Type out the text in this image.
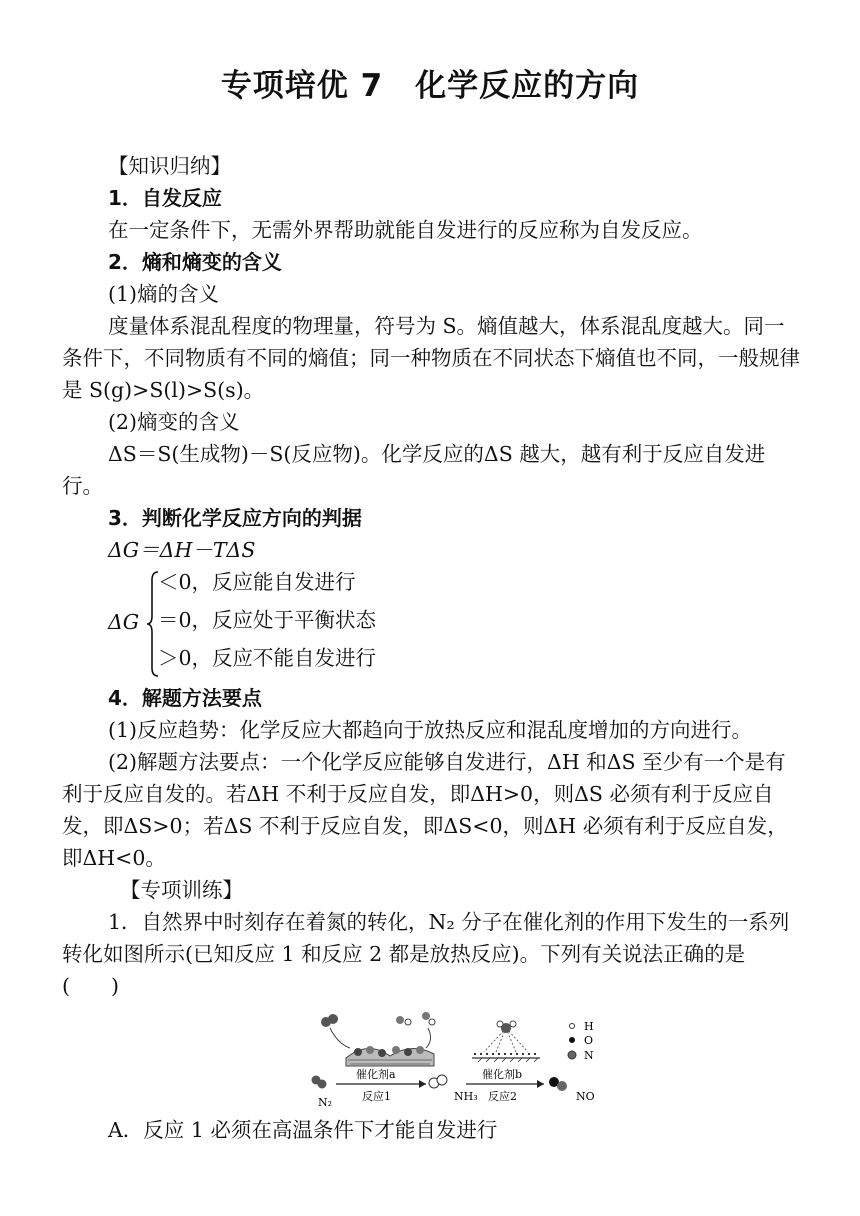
专项培优 7　化学反应的方向

【知识归纳】

1．自发反应

在一定条件下，无需外界帮助就能自发进行的反应称为自发反应。

2．熵和熵变的含义

(1)熵的含义

度量体系混乱程度的物理量，符号为 S。熵值越大，体系混乱度越大。同一条件下，不同物质有不同的熵值；同一种物质在不同状态下熵值也不同，一般规律是 S(g)>S(l)>S(s)。

(2)熵变的含义

ΔS＝S(生成物)－S(反应物)。化学反应的ΔS 越大，越有利于反应自发进行。

3．判断化学反应方向的判据

ΔG＝ΔH－TΔS

ΔG
＜0，反应能自发进行
＝0，反应处于平衡状态
＞0，反应不能自发进行

4．解题方法要点

(1)反应趋势：化学反应大都趋向于放热反应和混乱度增加的方向进行。

(2)解题方法要点：一个化学反应能够自发进行，ΔH 和ΔS 至少有一个是有利于反应自发的。若ΔH 不利于反应自发，即ΔH>0，则ΔS 必须有利于反应自发，即ΔS>0；若ΔS 不利于反应自发，即ΔS<0，则ΔH 必须有利于反应自发，即ΔH<0。

【专项训练】

1．自然界中时刻存在着氮的转化，N₂ 分子在催化剂的作用下发生的一系列转化如图所示(已知反应 1 和反应 2 都是放热反应)。下列有关说法正确的是　(　　)

H
O
N
N₂
催化剂a
反应1	NH₃
催化剂b
反应2	NO

A．反应 1 必须在高温条件下才能自发进行
